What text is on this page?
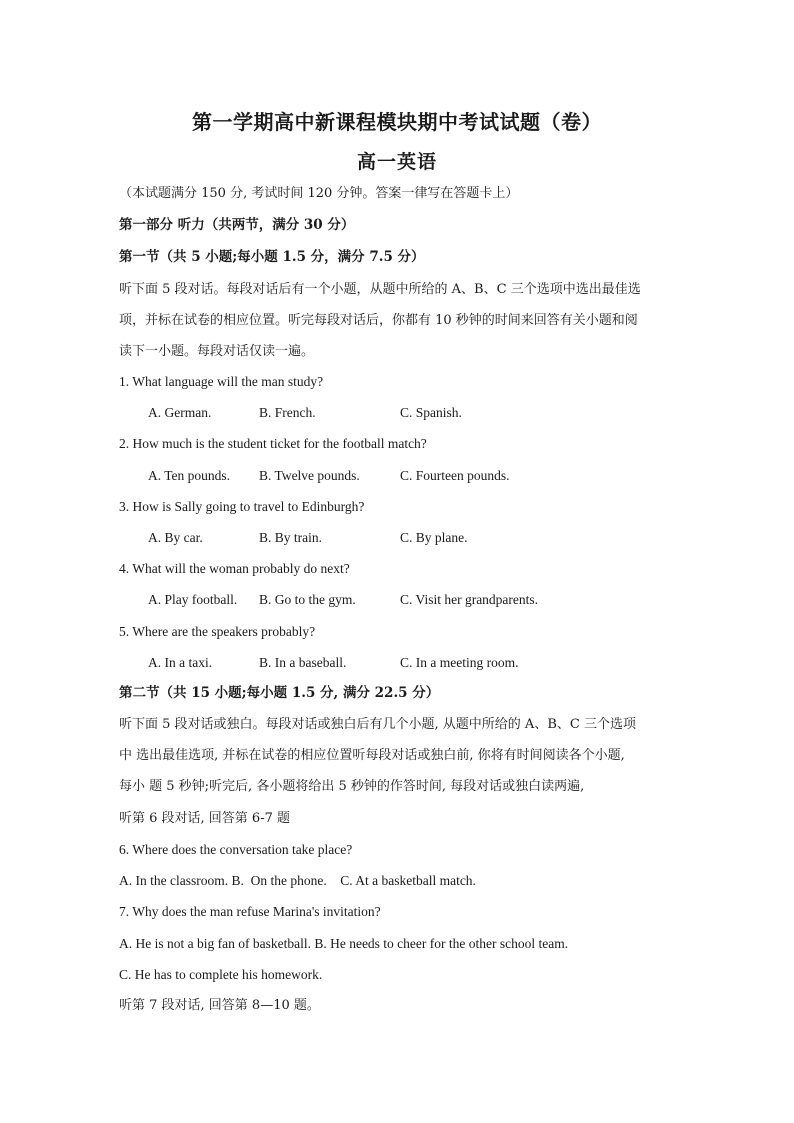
第一学期高中新课程模块期中考试试题（卷）
高一英语
（本试题满分 150 分, 考试时间 120 分钟。答案一律写在答题卡上）
第一部分 听力（共两节，满分 30 分）
第一节（共 5 小题;每小题 1.5 分，满分 7.5 分）
听下面 5 段对话。每段对话后有一个小题，从题中所给的 A、B、C 三个选项中选出最佳选
项，并标在试卷的相应位置。听完每段对话后，你都有 10 秒钟的时间来回答有关小题和阅
读下一小题。每段对话仅读一遍。
1. What language will the man study?
A. German.	B. French.	C. Spanish.
2. How much is the student ticket for the football match?
A. Ten pounds. B. Twelve pounds.	C. Fourteen pounds.
3. How is Sally going to travel to Edinburgh?
A. By car.	B. By train.	C. By plane.
4. What will the woman probably do next?
A. Play football. B. Go to the gym.	C. Visit her grandparents.
5. Where are the speakers probably?
A. In a taxi.	B. In a baseball.	C. In a meeting room.
第二节（共 15 小题;每小题 1.5 分, 满分 22.5 分）
听下面 5 段对话或独白。每段对话或独白后有几个小题, 从题中所给的 A、B、C 三个选项
中 选出最佳选项, 并标在试卷的相应位置听每段对话或独白前, 你将有时间阅读各个小题,
每小 题 5 秒钟;听完后, 各小题将给出 5 秒钟的作答时间, 每段对话或独白读两遍,
听第 6 段对话, 回答第 6-7 题
6. Where does the conversation take place?
A. In the classroom. B.  On the phone.    C. At a basketball match.
7. Why does the man refuse Marina's invitation?
A. He is not a big fan of basketball. B. He needs to cheer for the other school team.
C. He has to complete his homework.
听第 7 段对话, 回答第 8—10 题。
